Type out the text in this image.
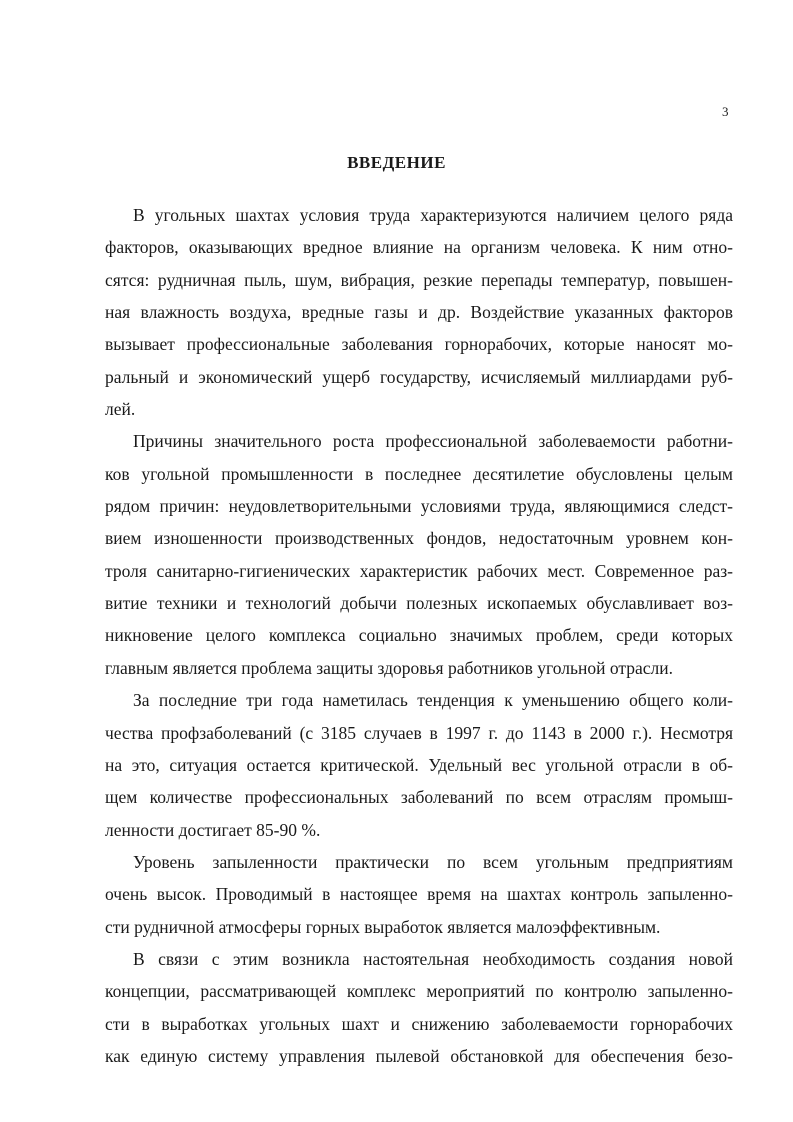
3
ВВЕДЕНИЕ
В угольных шахтах условия труда характеризуются наличием целого ряда
факторов, оказывающих вредное влияние на организм человека. К ним отно-
сятся: рудничная пыль, шум, вибрация, резкие перепады температур, повышен-
ная влажность воздуха, вредные газы и др. Воздействие указанных факторов
вызывает профессиональные заболевания горнорабочих, которые наносят мо-
ральный и экономический ущерб государству, исчисляемый миллиардами руб-
лей.
Причины значительного роста профессиональной заболеваемости работни-
ков угольной промышленности в последнее десятилетие обусловлены целым
рядом причин: неудовлетворительными условиями труда, являющимися следст-
вием изношенности производственных фондов, недостаточным уровнем кон-
троля санитарно-гигиенических характеристик рабочих мест. Современное раз-
витие техники и технологий добычи полезных ископаемых обуславливает воз-
никновение целого комплекса социально значимых проблем, среди которых
главным является проблема защиты здоровья работников угольной отрасли.
За последние три года наметилась тенденция к уменьшению общего коли-
чества профзаболеваний (с 3185 случаев в 1997 г. до 1143 в 2000 г.). Несмотря
на это, ситуация остается критической. Удельный вес угольной отрасли в об-
щем количестве профессиональных заболеваний по всем отраслям промыш-
ленности достигает 85-90 %.
Уровень запыленности практически по всем угольным предприятиям
очень высок. Проводимый в настоящее время на шахтах контроль запыленно-
сти рудничной атмосферы горных выработок является малоэффективным.
В связи с этим возникла настоятельная необходимость создания новой
концепции, рассматривающей комплекс мероприятий по контролю запыленно-
сти в выработках угольных шахт и снижению заболеваемости горнорабочих
как единую систему управления пылевой обстановкой для обеспечения безо-
